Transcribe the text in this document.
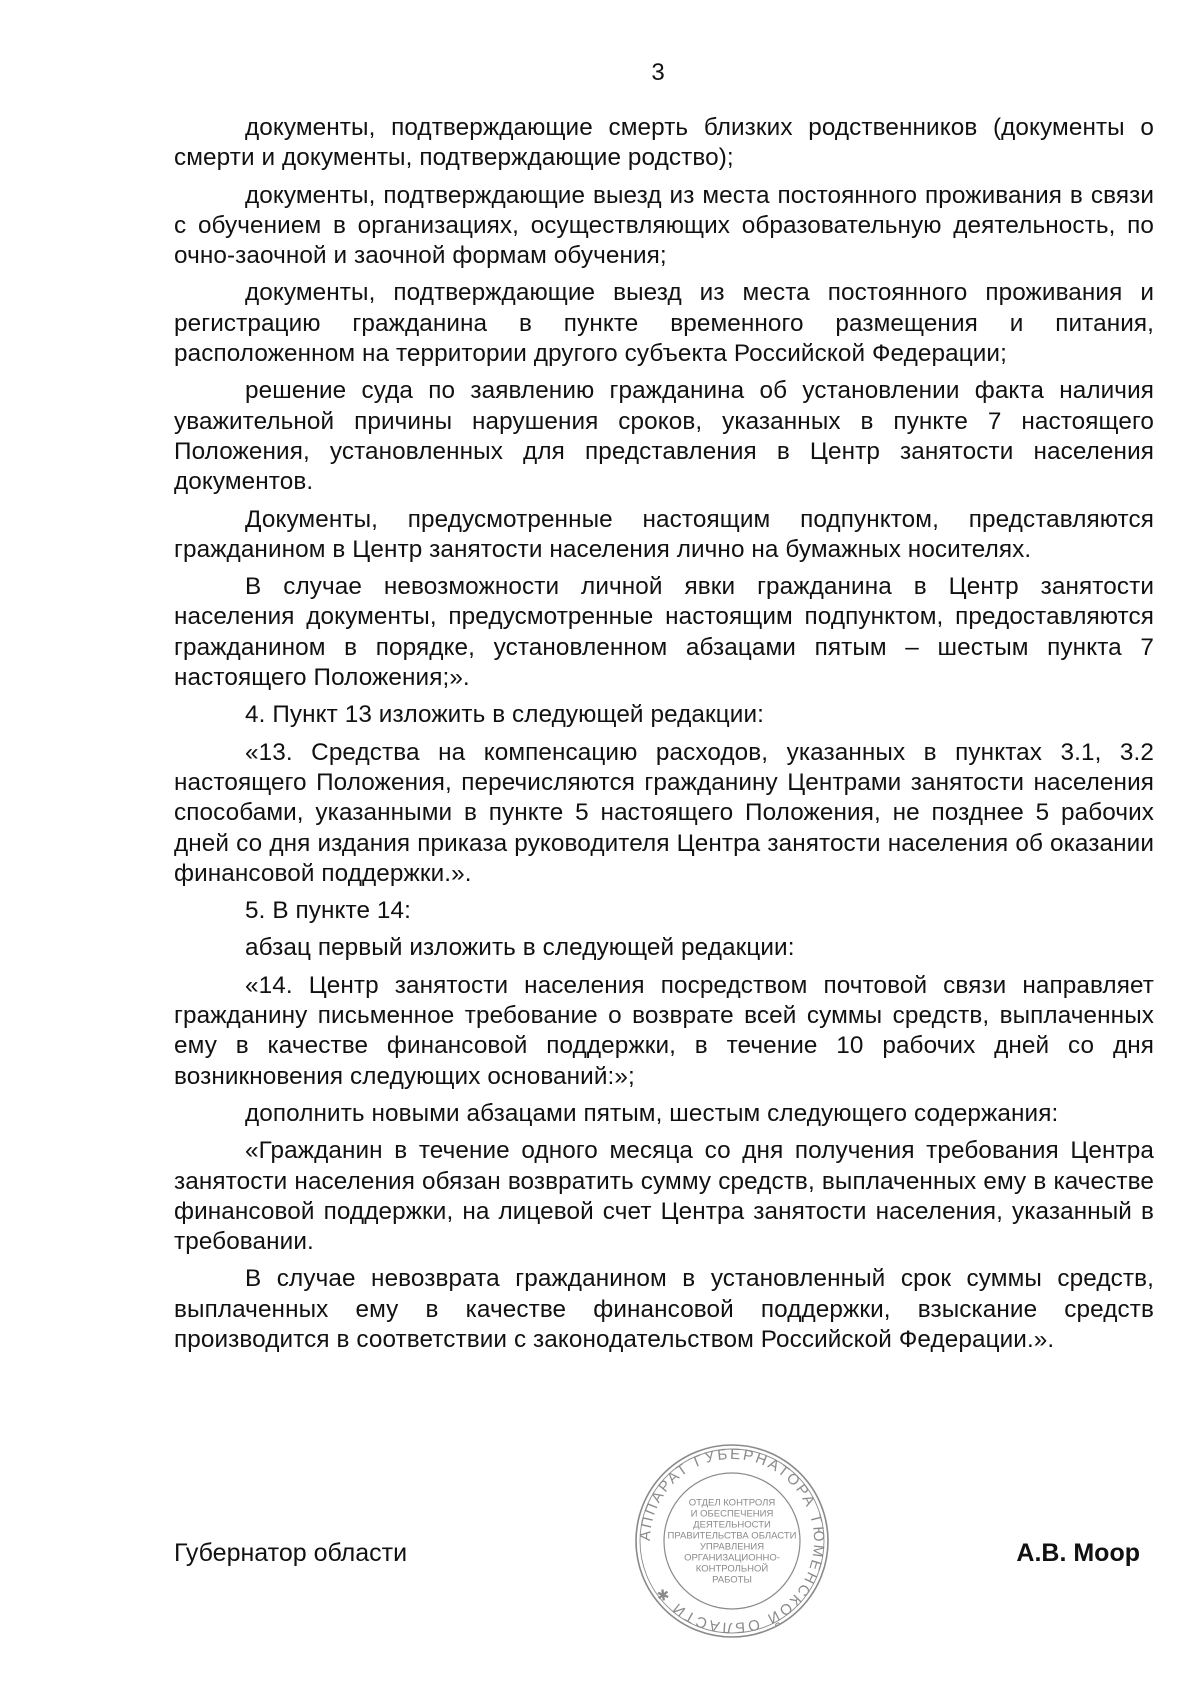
3

документы, подтверждающие смерть близких родственников (документы о смерти и документы, подтверждающие родство);

документы, подтверждающие выезд из места постоянного проживания в связи с обучением в организациях, осуществляющих образовательную деятельность, по очно-заочной и заочной формам обучения;

документы, подтверждающие выезд из места постоянного проживания и регистрацию гражданина в пункте временного размещения и питания, расположенном на территории другого субъекта Российской Федерации;

решение суда по заявлению гражданина об установлении факта наличия уважительной причины нарушения сроков, указанных в пункте 7 настоящего Положения, установленных для представления в Центр занятости населения документов.

Документы, предусмотренные настоящим подпунктом, представляются гражданином в Центр занятости населения лично на бумажных носителях.

В случае невозможности личной явки гражданина в Центр занятости населения документы, предусмотренные настоящим подпунктом, предоставляются гражданином в порядке, установленном абзацами пятым – шестым пункта 7 настоящего Положения;».

4. Пункт 13 изложить в следующей редакции:

«13. Средства на компенсацию расходов, указанных в пунктах 3.1, 3.2 настоящего Положения, перечисляются гражданину Центрами занятости населения способами, указанными в пункте 5 настоящего Положения, не позднее 5 рабочих дней со дня издания приказа руководителя Центра занятости населения об оказании финансовой поддержки.».

5. В пункте 14:

абзац первый изложить в следующей редакции:

«14. Центр занятости населения посредством почтовой связи направляет гражданину письменное требование о возврате всей суммы средств, выплаченных ему в качестве финансовой поддержки, в течение 10 рабочих дней со дня возникновения следующих оснований:»;

дополнить новыми абзацами пятым, шестым следующего содержания:

«Гражданин в течение одного месяца со дня получения требования Центра занятости населения обязан возвратить сумму средств, выплаченных ему в качестве финансовой поддержки, на лицевой счет Центра занятости населения, указанный в требовании.

В случае невозврата гражданином в установленный срок суммы средств, выплаченных ему в качестве финансовой поддержки, взыскание средств производится в соответствии с законодательством Российской Федерации.».

АППАРАТ ГУБЕРНАТОРА ТЮМЕНСКОЙ ОБЛАСТИ ✱
ОТДЕЛ КОНТРОЛЯ
И ОБЕСПЕЧЕНИЯ
ДЕЯТЕЛЬНОСТИ
ПРАВИТЕЛЬСТВА ОБЛАСТИ
УПРАВЛЕНИЯ
ОРГАНИЗАЦИОННО-
КОНТРОЛЬНОЙ
РАБОТЫ
Губернатор области	А.В. Моор
